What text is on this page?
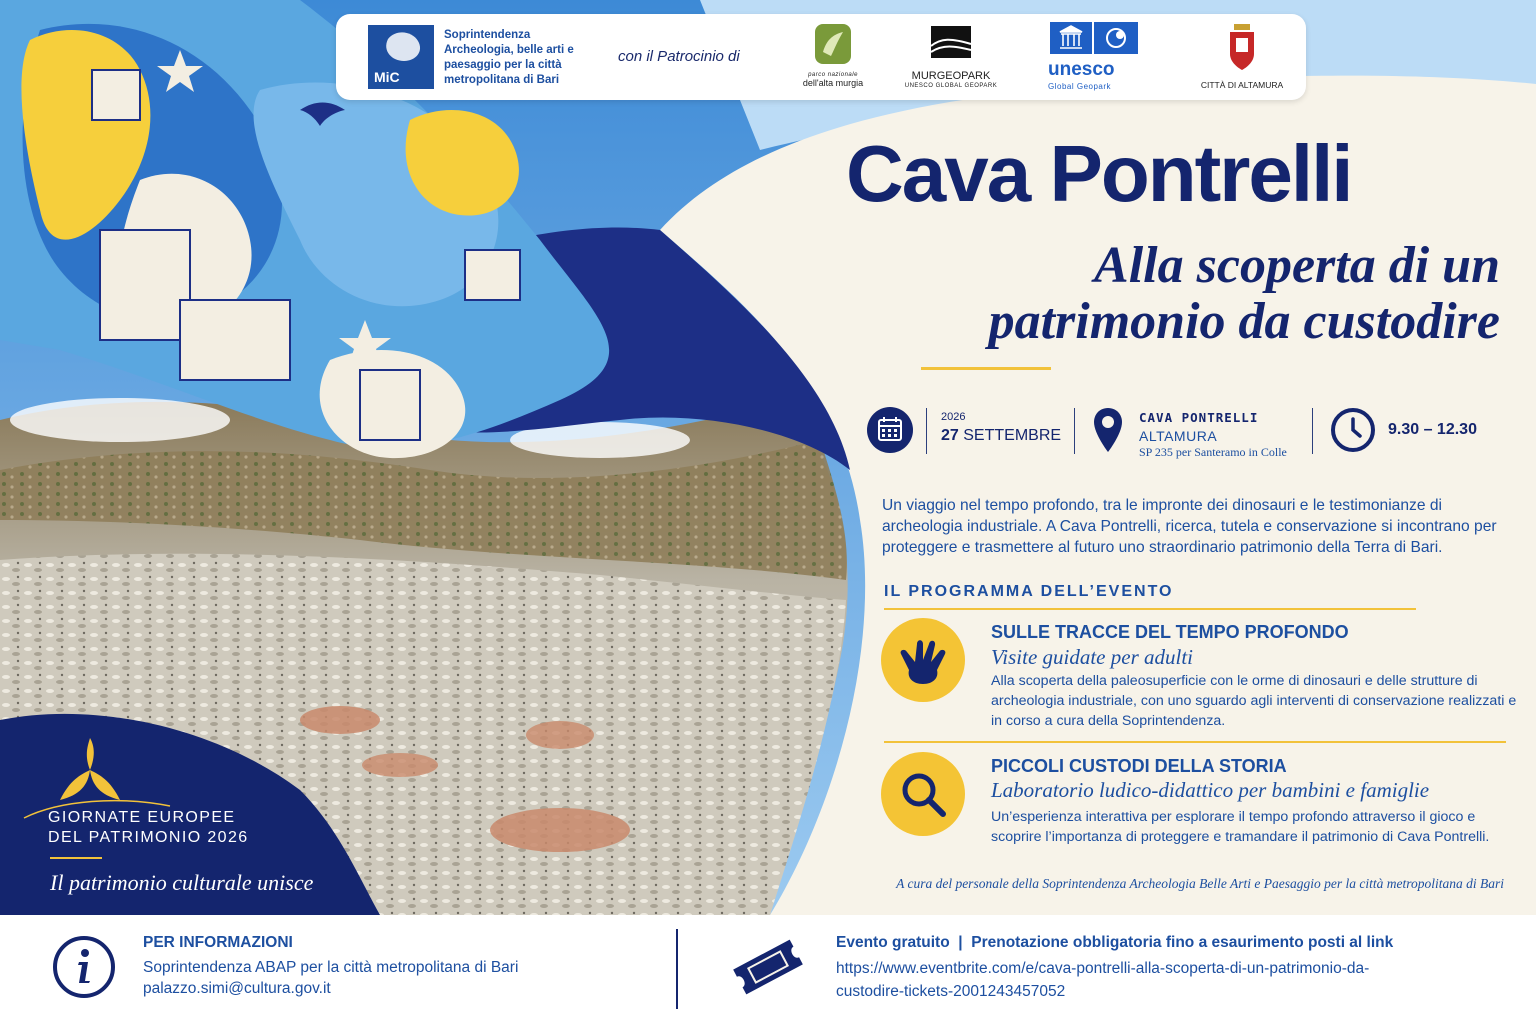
MiC
Soprintendenza Archeologia, belle arti e paesaggio per la città metropolitana di Bari
con il Patrocinio di
parco nazionale
dell'alta murgia
MURGEOPARK
UNESCO GLOBAL GEOPARK
unesco
Global Geopark	CITTÀ DI ALTAMURA
Cava Pontrelli
Alla scoperta di un
patrimonio da custodire
2026
27 SETTEMBRE
CAVA PONTRELLI
ALTAMURA
SP 235 per Santeramo in Colle
9.30 – 12.30
Un viaggio nel tempo profondo, tra le impronte dei dinosauri e le testimonianze di archeologia industriale. A Cava Pontrelli, ricerca, tutela e conservazione si incontrano per proteggere e trasmettere al futuro uno straordinario patrimonio della Terra di Bari.
IL PROGRAMMA DELL’EVENTO
SULLE TRACCE DEL TEMPO PROFONDO
Visite guidate per adulti
Alla scoperta della paleosuperficie con le orme di dinosauri e delle strutture di archeologia industriale, con uno sguardo agli interventi di conservazione realizzati e in corso a cura della Soprintendenza.
PICCOLI CUSTODI DELLA STORIA
Laboratorio ludico-didattico per bambini e famiglie
Un’esperienza interattiva per esplorare il tempo profondo attraverso il gioco e scoprire l’importanza di proteggere e tramandare il patrimonio di Cava Pontrelli.
A cura del personale della Soprintendenza Archeologia Belle Arti e Paesaggio per la città metropolitana di Bari
GIORNATE EUROPEE
DEL PATRIMONIO 2026
Il patrimonio culturale unisce
PER INFORMAZIONI
Soprintendenza ABAP per la città metropolitana di Bari
palazzo.simi@cultura.gov.it
Evento gratuito  |  Prenotazione obbligatoria fino a esaurimento posti al link
https://www.eventbrite.com/e/cava-pontrelli-alla-scoperta-di-un-patrimonio-da-
custodire-tickets-2001243457052
